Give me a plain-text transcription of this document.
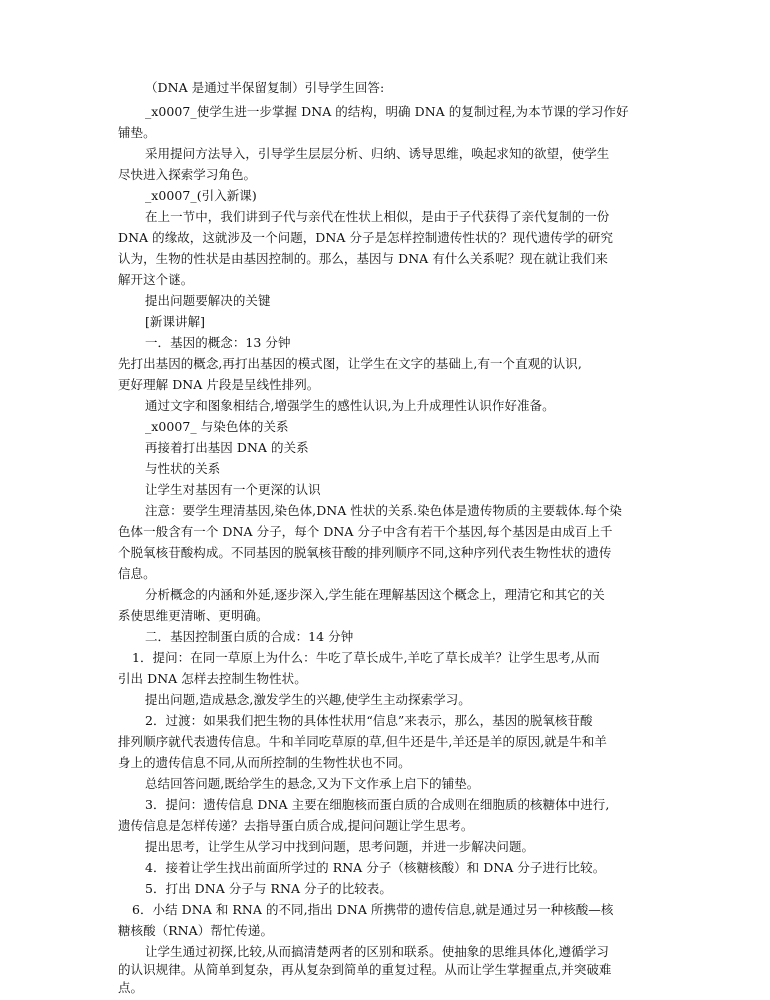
（DNA 是通过半保留复制）引导学生回答:
_x0007_使学生进一步掌握 DNA 的结构，明确 DNA 的复制过程,为本节课的学习作好
铺垫。
采用提问方法导入，引导学生层层分析、归纳、诱导思维，唤起求知的欲望，使学生
尽快进入探索学习角色。
_x0007_(引入新课)
在上一节中，我们讲到子代与亲代在性状上相似，是由于子代获得了亲代复制的一份
DNA 的缘故，这就涉及一个问题，DNA 分子是怎样控制遗传性状的？现代遗传学的研究
认为，生物的性状是由基因控制的。那么，基因与 DNA 有什么关系呢？现在就让我们来
解开这个谜。
提出问题要解决的关键
[新课讲解]
一．基因的概念：13 分钟
先打出基因的概念,再打出基因的模式图，让学生在文字的基础上,有一个直观的认识,
更好理解 DNA 片段是呈线性排列。
通过文字和图象相结合,增强学生的感性认识,为上升成理性认识作好准备。
_x0007_ 与染色体的关系
再接着打出基因 DNA 的关系
与性状的关系
让学生对基因有一个更深的认识
注意：要学生理清基因,染色体,DNA 性状的关系.染色体是遗传物质的主要载体.每个染
色体一般含有一个 DNA 分子，每个 DNA 分子中含有若干个基因,每个基因是由成百上千
个脱氧核苷酸构成。不同基因的脱氧核苷酸的排列顺序不同,这种序列代表生物性状的遗传
信息。
分析概念的内涵和外延,逐步深入,学生能在理解基因这个概念上，理清它和其它的关
系使思维更清晰、更明确。
二．基因控制蛋白质的合成：14 分钟
1．提问：在同一草原上为什么：牛吃了草长成牛,羊吃了草长成羊？让学生思考,从而
引出 DNA 怎样去控制生物性状。
提出问题,造成悬念,激发学生的兴趣,使学生主动探索学习。
2．过渡：如果我们把生物的具体性状用“信息”来表示，那么，基因的脱氧核苷酸
排列顺序就代表遗传信息。牛和羊同吃草原的草,但牛还是牛,羊还是羊的原因,就是牛和羊
身上的遗传信息不同,从而所控制的生物性状也不同。
总结回答问题,既给学生的悬念,又为下文作承上启下的铺垫。
3．提问：遗传信息 DNA 主要在细胞核而蛋白质的合成则在细胞质的核糖体中进行,
遗传信息是怎样传递？去指导蛋白质合成,提问问题让学生思考。
提出思考，让学生从学习中找到问题，思考问题，并进一步解决问题。
4．接着让学生找出前面所学过的 RNA 分子（核糖核酸）和 DNA 分子进行比较。
5．打出 DNA 分子与 RNA 分子的比较表。
6．小结 DNA 和 RNA 的不同,指出 DNA 所携带的遗传信息,就是通过另一种核酸—核
糖核酸（RNA）帮忙传递。
让学生通过初探,比较,从而搞清楚两者的区别和联系。使抽象的思维具体化,遵循学习
的认识规律。从简单到复杂，再从复杂到简单的重复过程。从而让学生掌握重点,并突破难
点。
